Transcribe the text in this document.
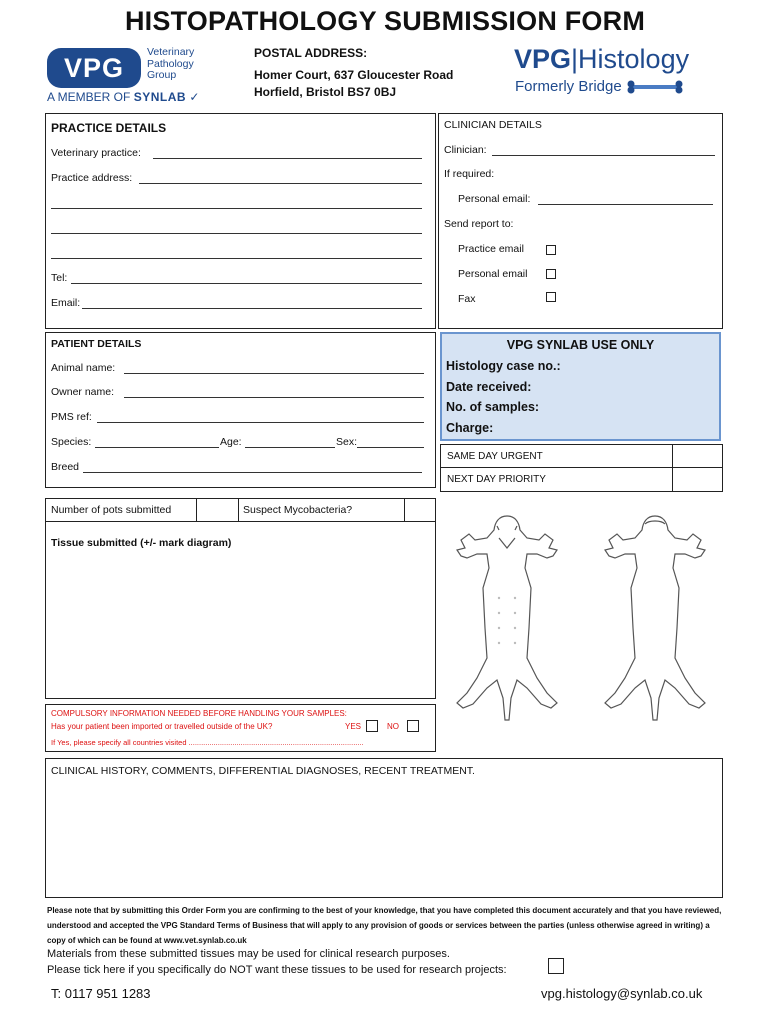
HISTOPATHOLOGY SUBMISSION FORM
VPG
Veterinary
Pathology
Group
A MEMBER OF SYNLAB ✓
POSTAL ADDRESS:
Homer Court, 637 Gloucester Road
Horfield, Bristol BS7 0BJ
VPG|Histology
Formerly Bridge
PRACTICE DETAILS
Veterinary practice:
Practice address:
Tel:
Email:
CLINICIAN DETAILS
Clinician:
If required:
Personal email:
Send report to:
Practice email
Personal email
Fax
PATIENT DETAILS
Animal name:
Owner name:
PMS ref:
Species:	Age:	Sex:
Breed
VPG SYNLAB USE ONLY
Histology case no.:
Date received:
No. of samples:
Charge:
SAME DAY URGENT
NEXT DAY PRIORITY
Number of pots submitted	Suspect Mycobacteria?
Tissue submitted (+/- mark diagram)
COMPULSORY INFORMATION NEEDED BEFORE HANDLING YOUR SAMPLES:
Has your patient been imported or travelled outside of the UK?	YES	NO
If Yes, please specify all countries visited ....................................................................................
CLINICAL HISTORY, COMMENTS, DIFFERENTIAL DIAGNOSES, RECENT TREATMENT.
Please note that by submitting this Order Form you are confirming to the best of your knowledge, that you have completed this document accurately and that you have reviewed, understood and accepted the VPG Standard Terms of Business that will apply to any provision of goods or services between the parties (unless otherwise agreed in writing) a copy of which can be found at www.vet.synlab.co.uk
Materials from these submitted tissues may be used for clinical research purposes.
Please tick here if you specifically do NOT want these tissues to be used for research projects:
T: 0117 951 1283	vpg.histology@synlab.co.uk
